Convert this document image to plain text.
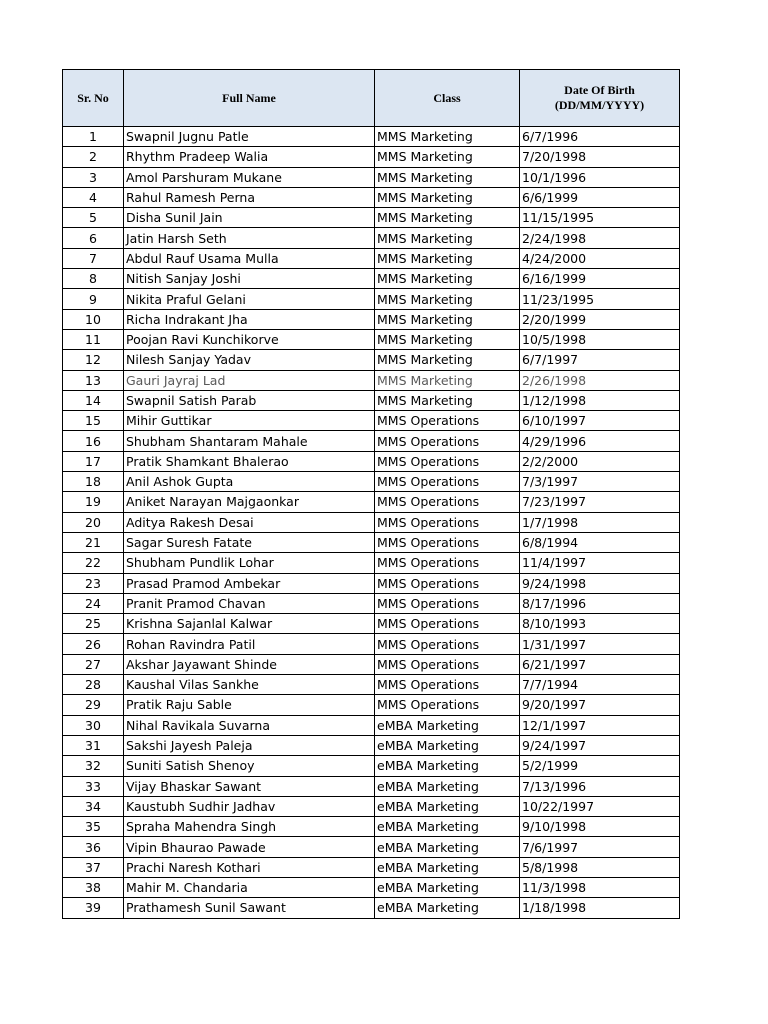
Sr. No	Full Name	Class	Date Of Birth
(DD/MM/YYYY)

1	Swapnil Jugnu Patle	MMS Marketing	6/7/1996
2	Rhythm Pradeep Walia	MMS Marketing	7/20/1998
3	Amol Parshuram Mukane	MMS Marketing	10/1/1996
4	Rahul Ramesh Perna	MMS Marketing	6/6/1999
5	Disha Sunil Jain	MMS Marketing	11/15/1995
6	Jatin Harsh Seth	MMS Marketing	2/24/1998
7	Abdul Rauf Usama Mulla	MMS Marketing	4/24/2000
8	Nitish Sanjay Joshi	MMS Marketing	6/16/1999
9	Nikita Praful Gelani	MMS Marketing	11/23/1995
10	Richa Indrakant Jha	MMS Marketing	2/20/1999
11	Poojan Ravi Kunchikorve	MMS Marketing	10/5/1998
12	Nilesh Sanjay Yadav	MMS Marketing	6/7/1997
13	Gauri Jayraj Lad	MMS Marketing	2/26/1998
14	Swapnil Satish Parab	MMS Marketing	1/12/1998
15	Mihir Guttikar	MMS Operations	6/10/1997
16	Shubham Shantaram Mahale	MMS Operations	4/29/1996
17	Pratik Shamkant Bhalerao	MMS Operations	2/2/2000
18	Anil Ashok Gupta	MMS Operations	7/3/1997
19	Aniket Narayan Majgaonkar	MMS Operations	7/23/1997
20	Aditya Rakesh Desai	MMS Operations	1/7/1998
21	Sagar Suresh Fatate	MMS Operations	6/8/1994
22	Shubham Pundlik Lohar	MMS Operations	11/4/1997
23	Prasad Pramod Ambekar	MMS Operations	9/24/1998
24	Pranit Pramod Chavan	MMS Operations	8/17/1996
25	Krishna Sajanlal Kalwar	MMS Operations	8/10/1993
26	Rohan Ravindra Patil	MMS Operations	1/31/1997
27	Akshar Jayawant Shinde	MMS Operations	6/21/1997
28	Kaushal Vilas Sankhe	MMS Operations	7/7/1994
29	Pratik Raju Sable	MMS Operations	9/20/1997
30	Nihal Ravikala Suvarna	eMBA Marketing	12/1/1997
31	Sakshi Jayesh Paleja	eMBA Marketing	9/24/1997
32	Suniti Satish Shenoy	eMBA Marketing	5/2/1999
33	Vijay Bhaskar Sawant	eMBA Marketing	7/13/1996
34	Kaustubh Sudhir Jadhav	eMBA Marketing	10/22/1997
35	Spraha Mahendra Singh	eMBA Marketing	9/10/1998
36	Vipin Bhaurao Pawade	eMBA Marketing	7/6/1997
37	Prachi Naresh Kothari	eMBA Marketing	5/8/1998
38	Mahir M. Chandaria	eMBA Marketing	11/3/1998
39	Prathamesh Sunil Sawant	eMBA Marketing	1/18/1998
